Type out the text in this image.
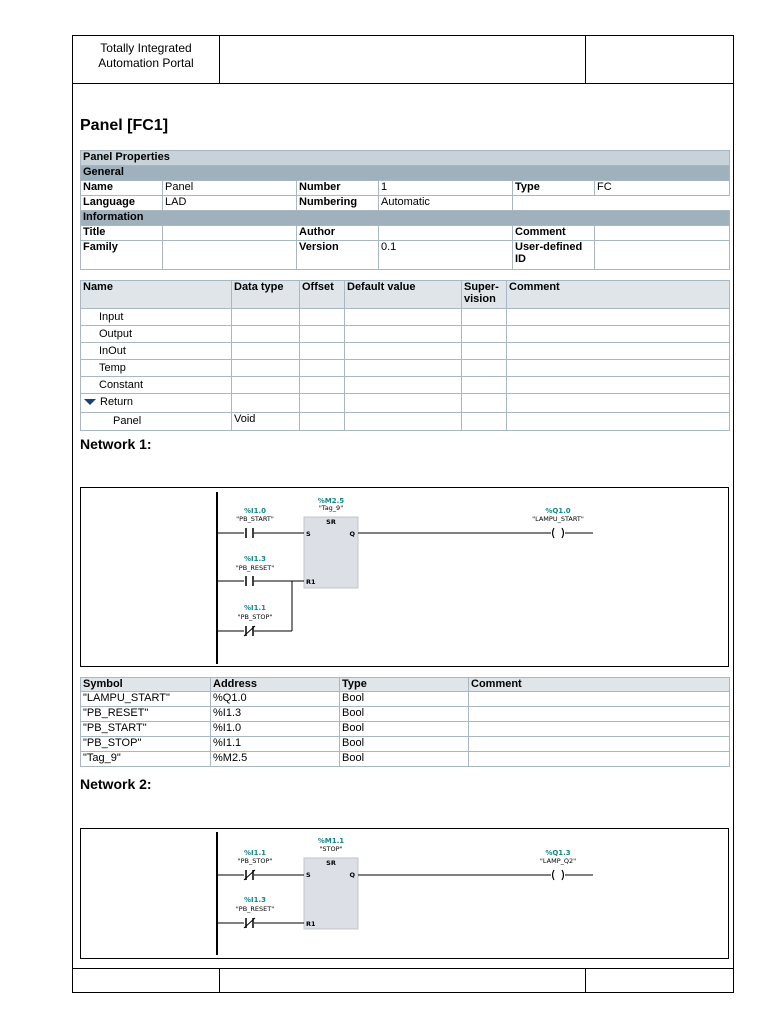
Totally Integrated
Automation Portal
Panel [FC1]
Panel Properties					
General					
Name	Panel	Number	1	Type	FC
Language	LAD	Numbering	Automatic		
Information					
Title		Author		Comment	
Family		Version	0.1	User-defined ID	
Name	Data type	Offset	Default value	Super-vision	Comment
Input					
Output					
InOut					
Temp					
Constant					
Return					
Panel	Void				
Network 1:
%M2.5
"Tag_9"
SR
S	Q
R1
%I1.0
"PB_START"
%I1.3
"PB_RESET"
%I1.1
"PB_STOP"
%Q1.0
"LAMPU_START"
Symbol	Address	Type	Comment
"LAMPU_START"	%Q1.0	Bool	
"PB_RESET"	%I1.3	Bool	
"PB_START"	%I1.0	Bool	
"PB_STOP"	%I1.1	Bool	
"Tag_9"	%M2.5	Bool	
Network 2:
%M1.1
"STOP"
SR
S	Q
R1
%I1.1
"PB_STOP"
%I1.3
"PB_RESET"
%Q1.3
"LAMP_Q2"
